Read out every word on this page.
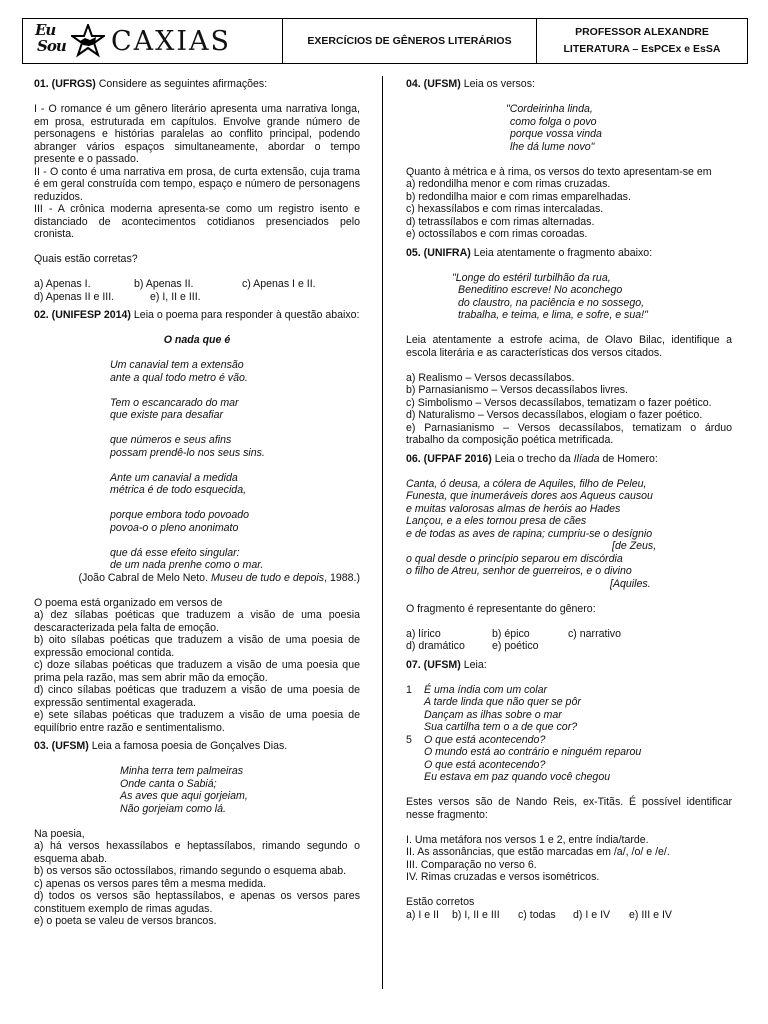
Eu
Sou CAXIAS	EXERCÍCIOS DE GÊNEROS LITERÁRIOS
PROFESSOR ALEXANDRE
LITERATURA – EsPCEx e EsSA

01. (UFRGS) Considere as seguintes afirmações:

I - O romance é um gênero literário apresenta uma narrativa longa, em prosa, estruturada em capítulos. Envolve grande número de personagens e histórias paralelas ao conflito principal, podendo abranger vários espaços simultaneamente, abordar o tempo presente e o passado.

II - O conto é uma narrativa em prosa, de curta extensão, cuja trama é em geral construída com tempo, espaço e número de personagens reduzidos.

III - A crônica moderna apresenta-se como um registro isento e distanciado de acontecimentos cotidianos presenciados pelo cronista.

Quais estão corretas?

a) Apenas I.	b) Apenas II.	c) Apenas I e II.
d) Apenas II e III.	e) I, II e III.

02. (UNIFESP 2014) Leia o poema para responder à questão abaixo:

O nada que é

Um canavial tem a extensão

ante a qual todo metro é vão.

Tem o escancarado do mar

que existe para desafiar

que números e seus afins

possam prendê-lo nos seus sins.

Ante um canavial a medida

métrica é de todo esquecida,

porque embora todo povoado

povoa-o o pleno anonimato

que dá esse efeito singular:

de um nada prenhe como o mar.

(João Cabral de Melo Neto. Museu de tudo e depois, 1988.)

O poema está organizado em versos de

a) dez sílabas poéticas que traduzem a visão de uma poesia descaracterizada pela falta de emoção.

b) oito sílabas poéticas que traduzem a visão de uma poesia de expressão emocional contida.

c) doze sílabas poéticas que traduzem a visão de uma poesia que prima pela razão, mas sem abrir mão da emoção.

d) cinco sílabas poéticas que traduzem a visão de uma poesia de expressão sentimental exagerada.

e) sete sílabas poéticas que traduzem a visão de uma poesia de equilíbrio entre razão e sentimentalismo.

03. (UFSM) Leia a famosa poesia de Gonçalves Dias.

Minha terra tem palmeiras

Onde canta o Sabiá;

As aves que aqui gorjeiam,

Não gorjeiam como lá.

Na poesia,

a) há versos hexassílabos e heptassílabos, rimando segundo o esquema abab.

b) os versos são octossílabos, rimando segundo o esquema abab.

c) apenas os versos pares têm a mesma medida.

d) todos os versos são heptassílabos, e apenas os versos pares constituem exemplo de rimas agudas.

e) o poeta se valeu de versos brancos.

04. (UFSM) Leia os versos:

"Cordeirinha linda,

como folga o povo

porque vossa vinda

lhe dá lume novo"

Quanto à métrica e à rima, os versos do texto apresentam-se em

a) redondilha menor e com rimas cruzadas.

b) redondilha maior e com rimas emparelhadas.

c) hexassílabos e com rimas intercaladas.

d) tetrassílabos e com rimas alternadas.

e) octossílabos e com rimas coroadas.

05. (UNIFRA) Leia atentamente o fragmento abaixo:

"Longe do estéril turbilhão da rua,

Beneditino escreve! No aconchego

do claustro, na paciência e no sossego,

trabalha, e teima, e lima, e sofre, e sua!"

Leia atentamente a estrofe acima, de Olavo Bilac, identifique a escola literária e as características dos versos citados.

a) Realismo – Versos decassílabos.

b) Parnasianismo – Versos decassílabos livres.

c) Simbolismo – Versos decassílabos, tematizam o fazer poético.

d) Naturalismo – Versos decassílabos, elogiam o fazer poético.

e) Parnasianismo – Versos decassílabos, tematizam o árduo trabalho da composição poética metrificada.

06. (UFPAF 2016) Leia o trecho da Ilíada de Homero:

Canta, ó deusa, a cólera de Aquiles, filho de Peleu,

Funesta, que inumeráveis dores aos Aqueus causou

e muitas valorosas almas de heróis ao Hades

Lançou, e a eles tornou presa de cães

e de todas as aves de rapina; cumpriu-se o desígnio

[de Zeus,

o qual desde o princípio separou em discórdia

o filho de Atreu, senhor de guerreiros, e o divino

[Aquiles.

O fragmento é representante do gênero:

a) lírico	b) épico	c) narrativo
d) dramático	e) poético

07. (UFSM) Leia:

1	É uma índia com um colar
A tarde linda que não quer se pôr
Dançam as ilhas sobre o mar
Sua cartilha tem o a de que cor?
5	O que está acontecendo?
O mundo está ao contrário e ninguém reparou
O que está acontecendo?
Eu estava em paz quando você chegou

Estes versos são de Nando Reis, ex-Titãs. É possível identificar nesse fragmento:

I. Uma metáfora nos versos 1 e 2, entre índia/tarde.

II. As assonâncias, que estão marcadas em /a/, /o/ e /e/.

III. Comparação no verso 6.

IV. Rimas cruzadas e versos isométricos.

Estão corretos

a) I e II	b) I, II e III	c) todas	d) I e IV	e) III e IV
